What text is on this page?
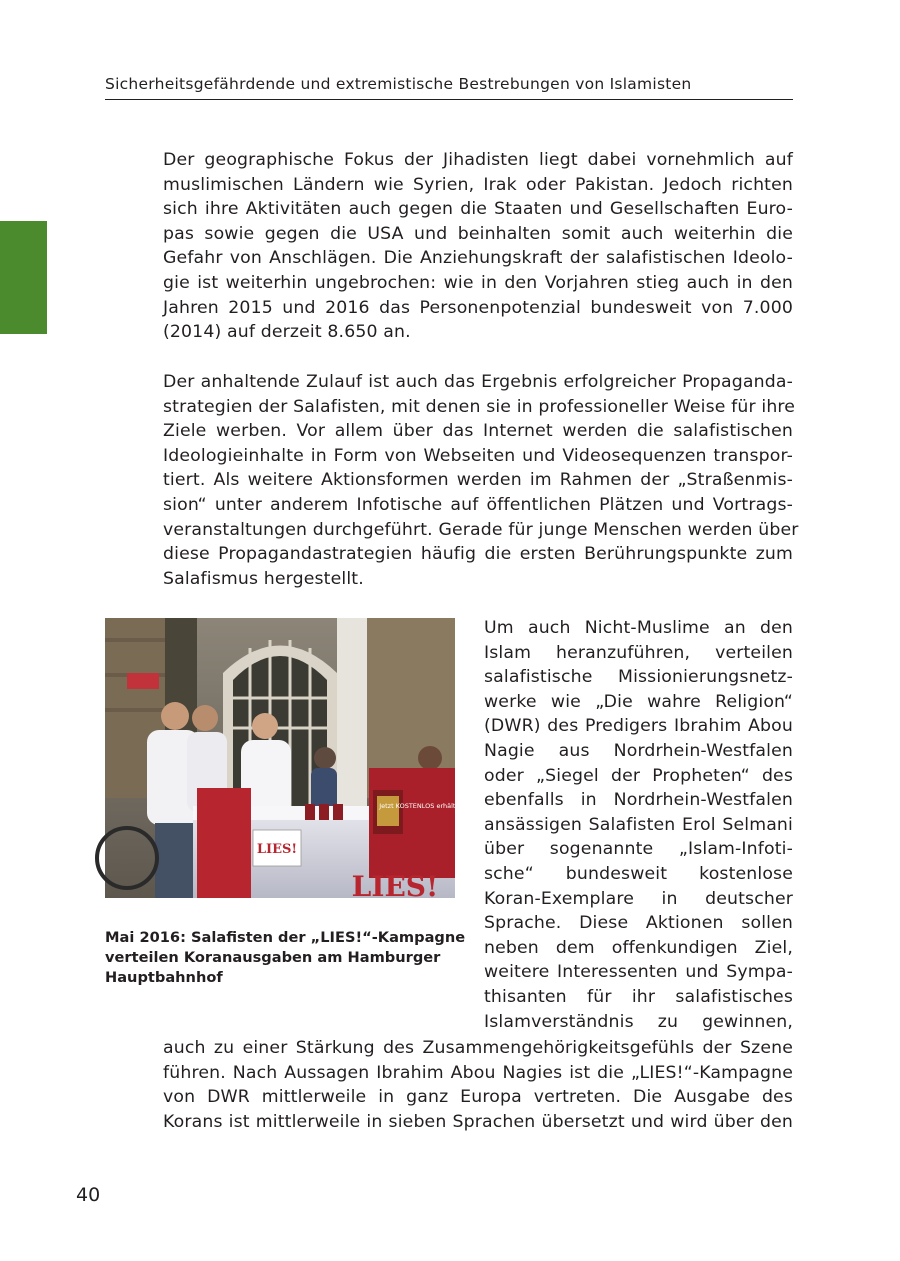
Sicherheitsgefährdende und extremistische Bestrebungen von Islamisten
Der geographische Fokus der Jihadisten liegt dabei vornehmlich auf
muslimischen Ländern wie Syrien, Irak oder Pakistan. Jedoch richten
sich ihre Aktivitäten auch gegen die Staaten und Gesellschaften Euro-
pas sowie gegen die USA und beinhalten somit auch weiterhin die
Gefahr von Anschlägen. Die Anziehungskraft der salafistischen Ideolo-
gie ist weiterhin ungebrochen: wie in den Vorjahren stieg auch in den
Jahren 2015 und 2016 das Personenpotenzial bundesweit von 7.000
(2014) auf derzeit 8.650 an.
Der anhaltende Zulauf ist auch das Ergebnis erfolgreicher Propaganda-
strategien der Salafisten, mit denen sie in professioneller Weise für ihre
Ziele werben. Vor allem über das Internet werden die salafistischen
Ideologieinhalte in Form von Webseiten und Videosequenzen transpor-
tiert. Als weitere Aktionsformen werden im Rahmen der „Straßenmis-
sion“ unter anderem Infotische auf öffentlichen Plätzen und Vortrags-
veranstaltungen durchgeführt. Gerade für junge Menschen werden über
diese Propagandastrategien häufig die ersten Berührungspunkte zum
Salafismus hergestellt.
Jetzt KOSTENLOS erhältlich
LIES!
LIES!

Mai 2016: Salafisten der „LIES!“-Kampagne
verteilen Koranausgaben am Hamburger
Hauptbahnhof

Um auch Nicht-Muslime an den
Islam heranzuführen, verteilen
salafistische Missionierungsnetz-
werke wie „Die wahre Religion“
(DWR) des Predigers Ibrahim Abou
Nagie aus Nordrhein-Westfalen
oder „Siegel der Propheten“ des
ebenfalls in Nordrhein-Westfalen
ansässigen Salafisten Erol Selmani
über sogenannte „Islam-Infoti-
sche“ bundesweit kostenlose
Koran-Exemplare in deutscher
Sprache. Diese Aktionen sollen
neben dem offenkundigen Ziel,
weitere Interessenten und Sympa-
thisanten für ihr salafistisches
Islamverständnis zu gewinnen,
auch zu einer Stärkung des Zusammengehörigkeitsgefühls der Szene
führen. Nach Aussagen Ibrahim Abou Nagies ist die „LIES!“-Kampagne
von DWR mittlerweile in ganz Europa vertreten. Die Ausgabe des
Korans ist mittlerweile in sieben Sprachen übersetzt und wird über den
40
